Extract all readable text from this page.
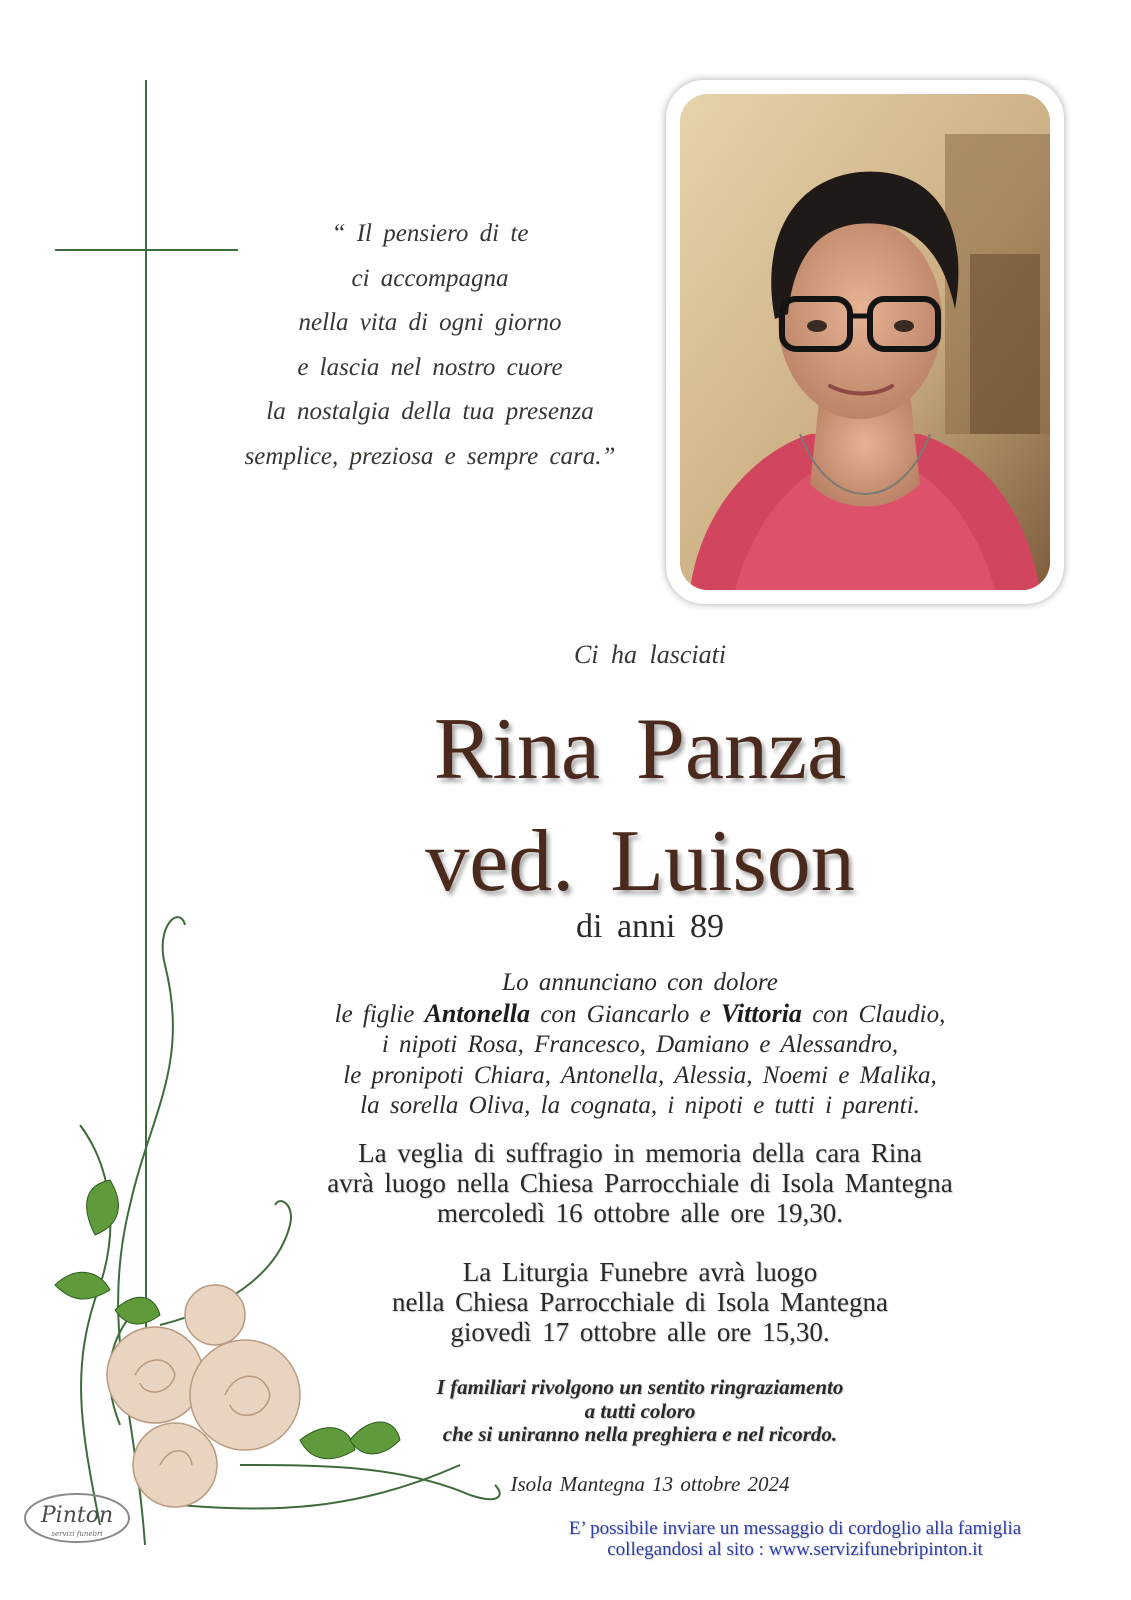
“ Il pensiero di te
ci accompagna
nella vita di ogni giorno
e lascia nel nostro cuore
la nostalgia della tua presenza
semplice, preziosa e sempre cara.”
Ci ha lasciati
Rina Panza
ved. Luison
di anni 89
Lo annunciano con dolore
le figlie Antonella con Giancarlo e Vittoria con Claudio,
i nipoti Rosa, Francesco, Damiano e Alessandro,
le pronipoti Chiara, Antonella, Alessia, Noemi e Malika,
la sorella Oliva, la cognata, i nipoti e tutti i parenti.
La veglia di suffragio in memoria della cara Rina
avrà luogo nella Chiesa Parrocchiale di Isola Mantegna
mercoledì 16 ottobre alle ore 19,30.
La Liturgia Funebre avrà luogo
nella Chiesa Parrocchiale di Isola Mantegna
giovedì 17 ottobre alle ore 15,30.
I familiari rivolgono un sentito ringraziamento
a tutti coloro
che si uniranno nella preghiera e nel ricordo.
Isola Mantegna 13 ottobre 2024
Pinton
servizi funebri	E’ possibile inviare un messaggio di cordoglio alla famiglia
collegandosi al sito : www.servizifunebripinton.it
